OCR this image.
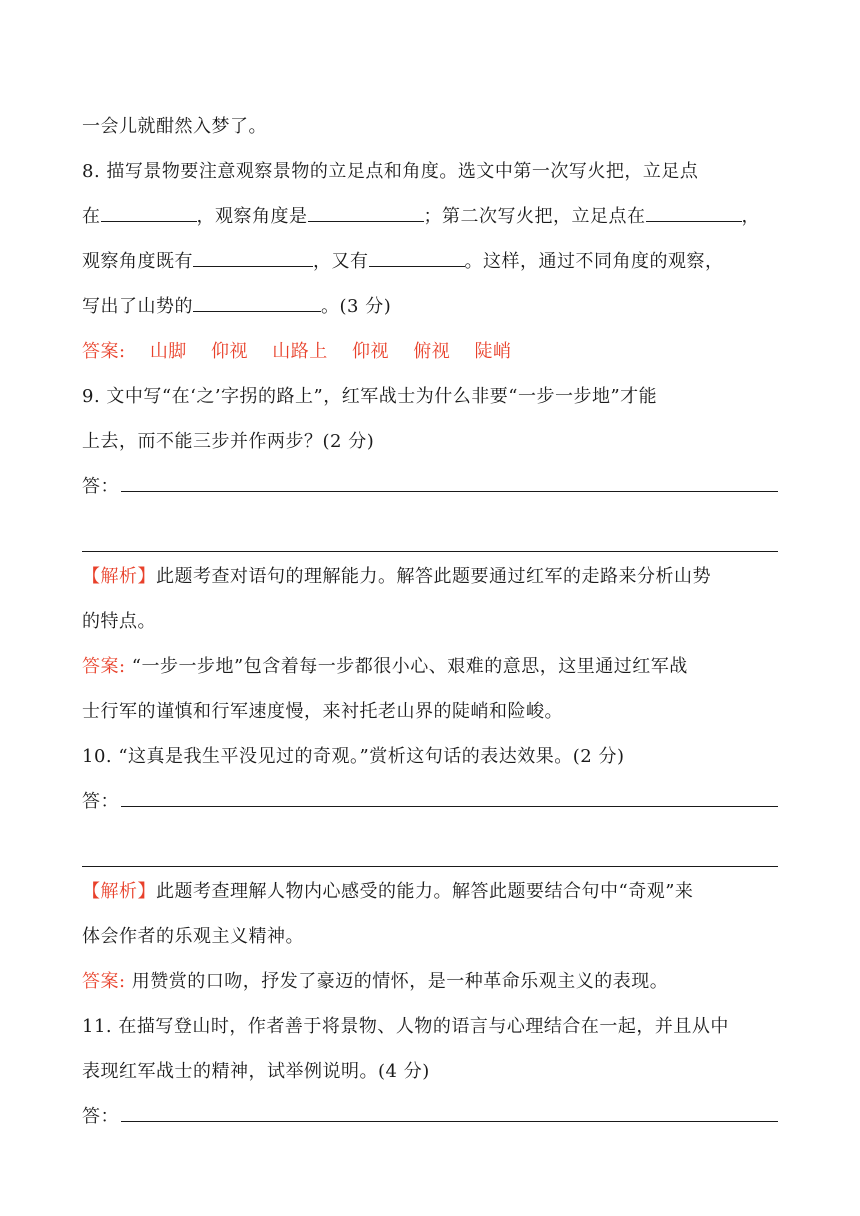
一会儿就酣然入梦了。
8. 描写景物要注意观察景物的立足点和角度。选文中第一次写火把，立足点
在	，观察角度是	；第二次写火把，立足点在	，
观察角度既有	，又有	。这样，通过不同角度的观察，
写出了山势的	。(3 分)
答案: 山脚 仰视 山路上 仰视 俯视 陡峭
9. 文中写“在‘之’字拐的路上”，红军战士为什么非要“一步一步地”才能
上去，而不能三步并作两步？(2 分)
答：
【解析】此题考查对语句的理解能力。解答此题要通过红军的走路来分析山势
的特点。
答案: “一步一步地”包含着每一步都很小心、艰难的意思，这里通过红军战
士行军的谨慎和行军速度慢，来衬托老山界的陡峭和险峻。
10. “这真是我生平没见过的奇观。”赏析这句话的表达效果。(2 分)
答：
【解析】此题考查理解人物内心感受的能力。解答此题要结合句中“奇观”来
体会作者的乐观主义精神。
答案: 用赞赏的口吻，抒发了豪迈的情怀，是一种革命乐观主义的表现。
11. 在描写登山时，作者善于将景物、人物的语言与心理结合在一起，并且从中
表现红军战士的精神，试举例说明。(4 分)
答：
